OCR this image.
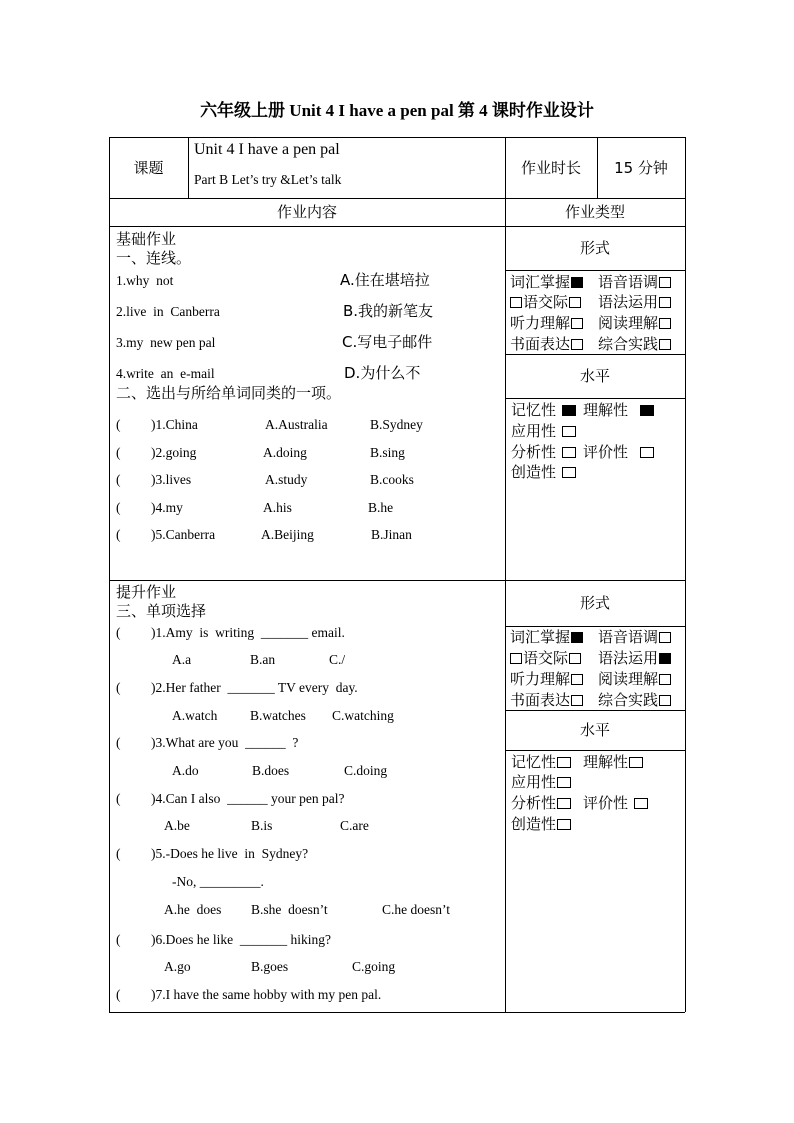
六年级上册 Unit 4 I have a pen pal 第 4 课时作业设计
课题
Unit 4 I have a pen pal
Part B Let’s try &Let’s talk
作业时长	15 分钟
作业内容	作业类型
基础作业
一、连线。
1.why  not	A.住在堪培拉
2.live  in  Canberra	B.我的新笔友
3.my  new pen pal	C.写电子邮件
4.write  an  e-mail	D.为什么不
二、选出与所给单词同类的一项。
( )1.China	A.Australia	B.Sydney
( )2.going	A.doing	B.sing
( )3.lives	A.study	B.cooks
( )4.my	A.his	B.he
( )5.Canberra	A.Beijing	B.Jinan
形式
词汇掌握	语音语调
语交际	语法运用
听力理解	阅读理解
书面表达	综合实践
水平
记忆性	理解性
应用性
分析性	评价性
创造性
提升作业
三、单项选择
( )1.Amy  is  writing  _______ email.
A.a	B.an	C./
( )2.Her father  _______ TV every  day.
A.watch B.watches C.watching
( )3.What are you  ______  ?
A.do	B.does	C.doing
( )4.Can I also  ______ your pen pal?
A.be	B.is	C.are
( )5.-Does he live  in  Sydney?
-No, _________.
A.he  does B.she  doesn’t	C.he doesn’t
( )6.Does he like  _______ hiking?
A.go	B.goes	C.going
( )7.I have the same hobby with my pen pal.
形式
词汇掌握	语音语调
语交际	语法运用
听力理解	阅读理解
书面表达	综合实践
水平
记忆性	理解性
应用性
分析性	评价性
创造性
